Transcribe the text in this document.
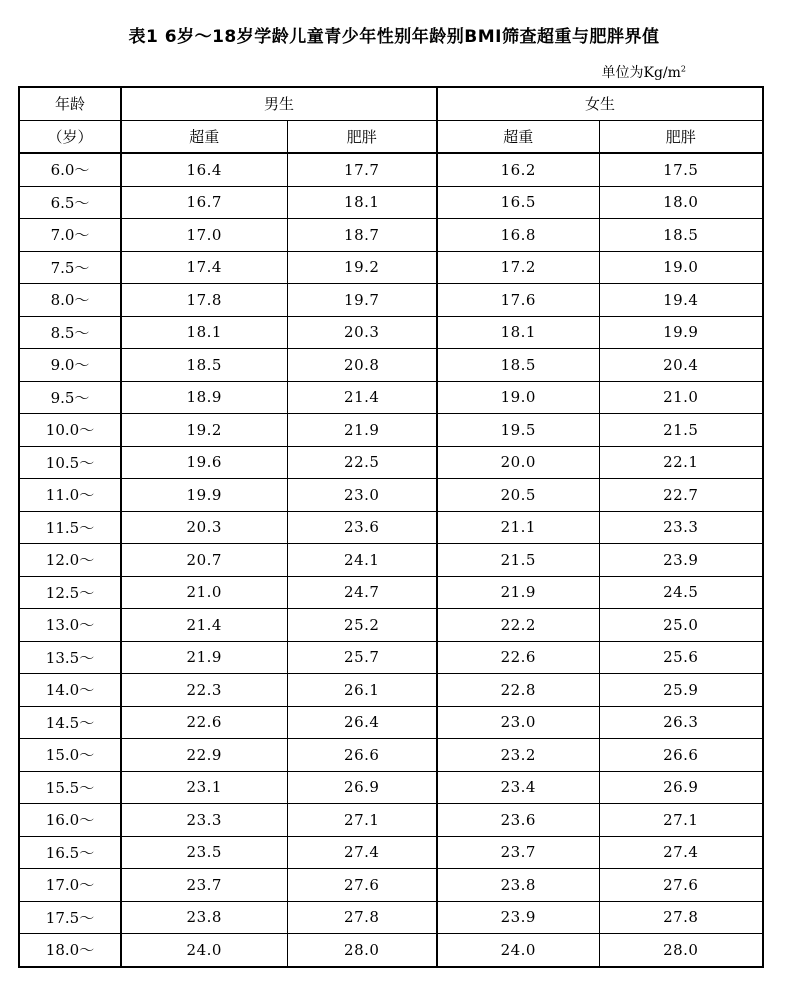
表1 6岁～18岁学龄儿童青少年性别年龄别BMI筛查超重与肥胖界值
单位为$Kg/m^2$
年龄	男生		女生	
（岁）	超重	肥胖	超重	肥胖
6.0～	16.4	17.7	16.2	17.5
6.5～	16.7	18.1	16.5	18.0
7.0～	17.0	18.7	16.8	18.5
7.5～	17.4	19.2	17.2	19.0
8.0～	17.8	19.7	17.6	19.4
8.5～	18.1	20.3	18.1	19.9
9.0～	18.5	20.8	18.5	20.4
9.5～	18.9	21.4	19.0	21.0
10.0～	19.2	21.9	19.5	21.5
10.5～	19.6	22.5	20.0	22.1
11.0～	19.9	23.0	20.5	22.7
11.5～	20.3	23.6	21.1	23.3
12.0～	20.7	24.1	21.5	23.9
12.5～	21.0	24.7	21.9	24.5
13.0～	21.4	25.2	22.2	25.0
13.5～	21.9	25.7	22.6	25.6
14.0～	22.3	26.1	22.8	25.9
14.5～	22.6	26.4	23.0	26.3
15.0～	22.9	26.6	23.2	26.6
15.5～	23.1	26.9	23.4	26.9
16.0～	23.3	27.1	23.6	27.1
16.5～	23.5	27.4	23.7	27.4
17.0～	23.7	27.6	23.8	27.6
17.5～	23.8	27.8	23.9	27.8
18.0～	24.0	28.0	24.0	28.0
